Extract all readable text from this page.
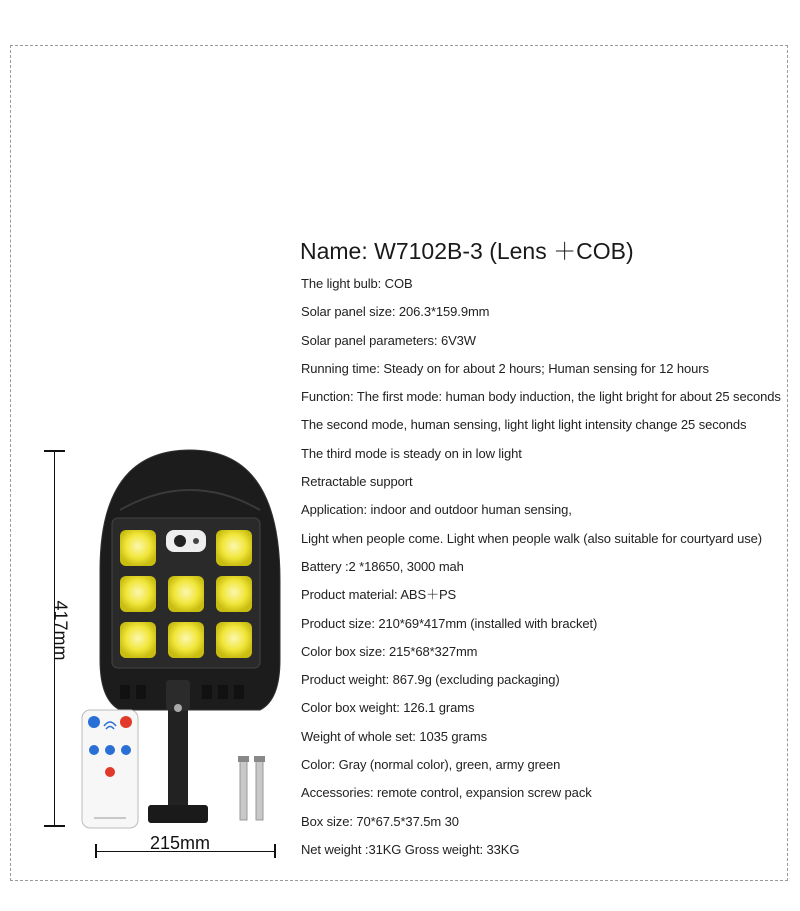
Name: W7102B-3 (Lens ＋COB)
The light bulb: COB
Solar panel size: 206.3*159.9mm
Solar panel parameters: 6V3W
Running time: Steady on for about 2 hours; Human sensing for 12 hours
Function: The first mode: human body induction, the light bright for about 25 seconds
The second mode, human sensing, light light light intensity change 25 seconds
The third mode is steady on in low light
Retractable support
Application: indoor and outdoor human sensing,
Light when people come. Light when people walk (also suitable for courtyard use)
Battery :2 *18650, 3000 mah
Product material: ABS＋PS
Product size: 210*69*417mm (installed with bracket)
Color box size: 215*68*327mm
Product weight: 867.9g (excluding packaging)
Color box weight: 126.1 grams
Weight of whole set: 1035 grams
Color: Gray (normal color), green, army green
Accessories: remote control, expansion screw pack
Box size: 70*67.5*37.5m 30
Net weight :31KG Gross weight: 33KG
417mm
215mm
